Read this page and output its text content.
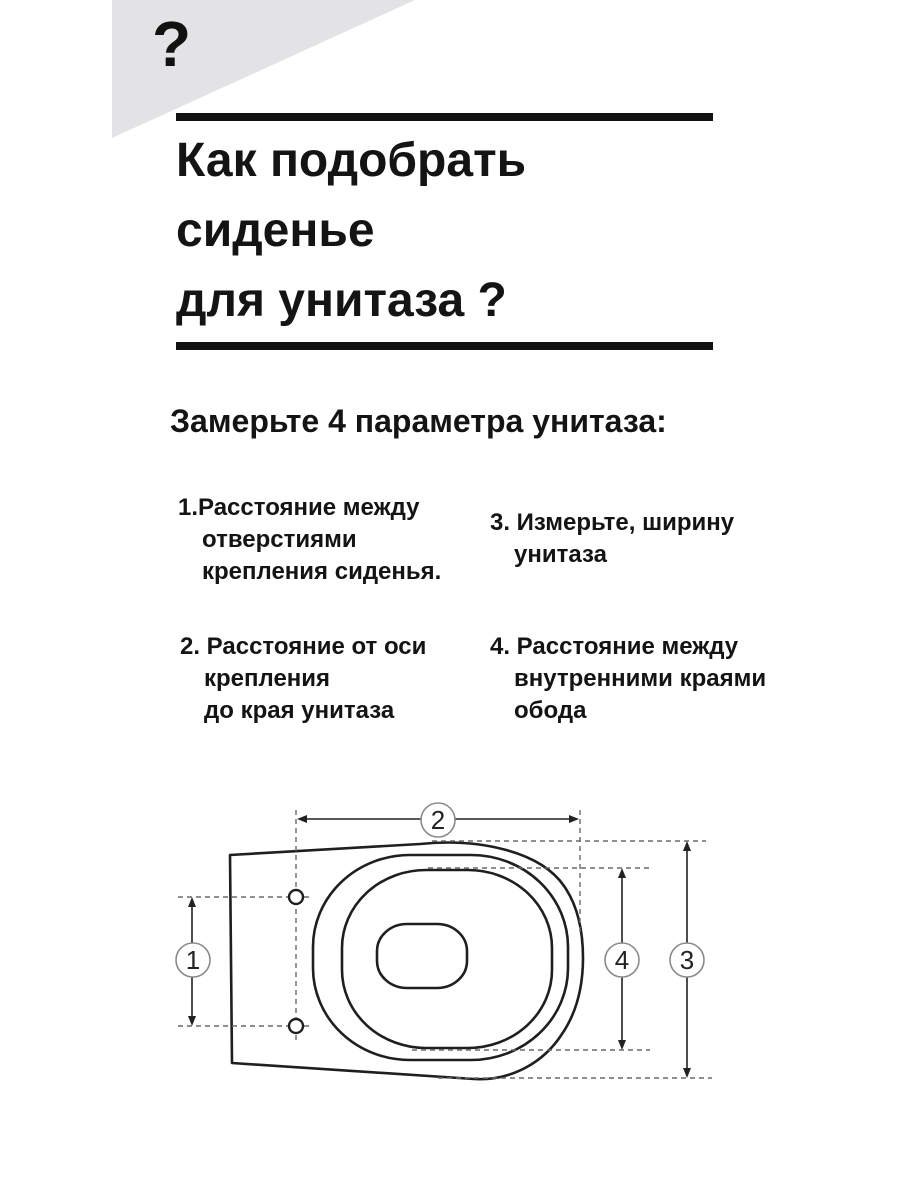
?
Как подобрать
сиденье
для унитаза ?
Замерьте 4 параметра унитаза:
1.Расстояние между
отверстиями
крепления сиденья.
3. Измерьте, ширину
унитаза
2. Расстояние от оси
крепления
до края унитаза
4. Расстояние между
внутренними краями
обода
1
2
4 3
